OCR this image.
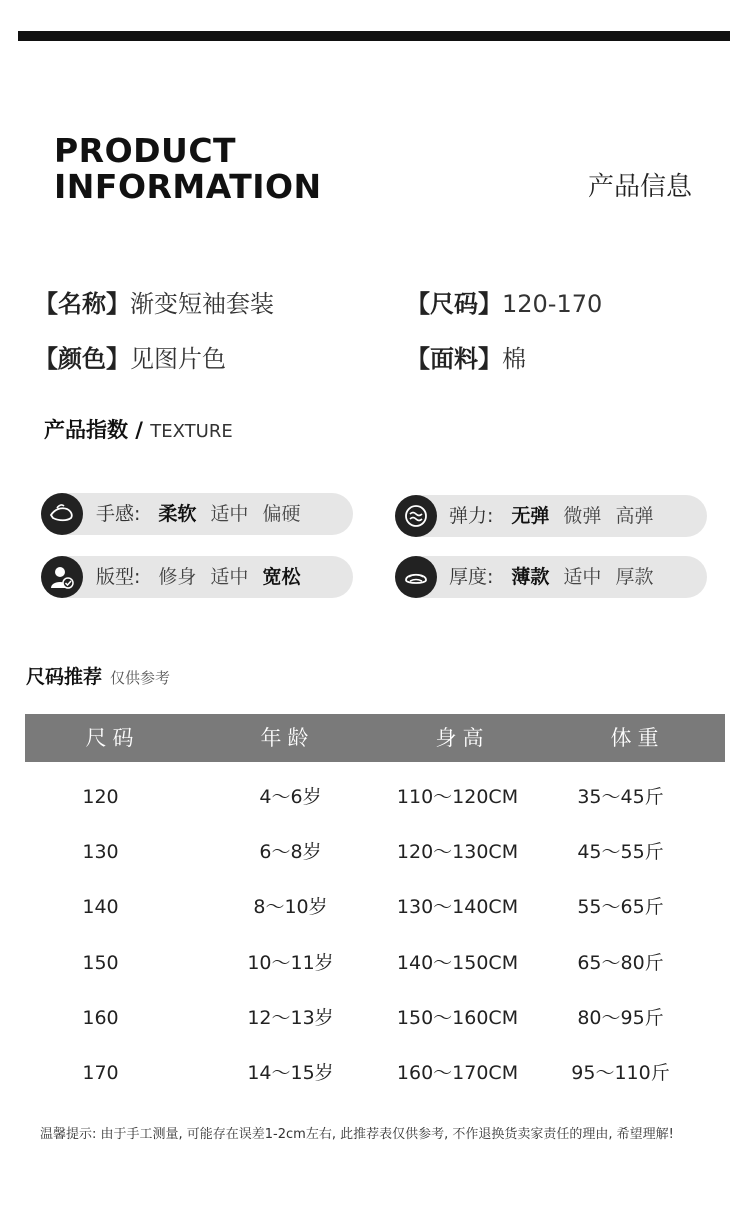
PRODUCT
INFORMATION	产品信息
【名称】渐变短袖套装	【尺码】120-170
【颜色】见图片色	【面料】棉
产品指数 / TEXTURE
手感: 柔软 适中 偏硬	弹力: 无弹 微弹 高弹
版型: 修身 适中 宽松	厚度: 薄款 适中 厚款
尺码推荐 仅供参考
尺码	年龄	身高	体重
120	4～6岁	110～120CM	35～45斤
130	6～8岁	120～130CM	45～55斤
140	8～10岁	130～140CM	55～65斤
150	10～11岁	140～150CM	65～80斤
160	12～13岁	150～160CM	80～95斤
170	14～15岁	160～170CM	95～110斤
温馨提示: 由于手工测量, 可能存在误差1-2cm左右, 此推荐表仅供参考, 不作退换货卖家责任的理由, 希望理解!
